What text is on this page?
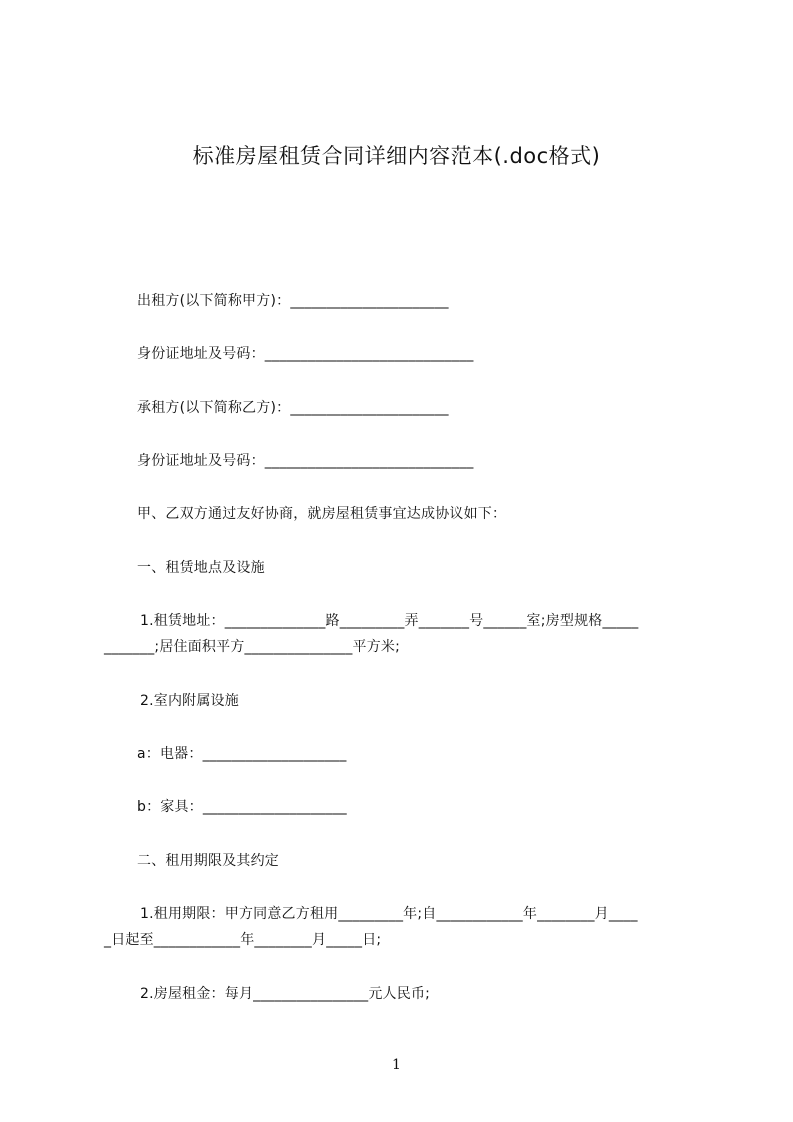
标准房屋租赁合同详细内容范本(.doc格式)
出租方(以下简称甲方)：______________________
身份证地址及号码：_____________________________
承租方(以下简称乙方)：______________________
身份证地址及号码：_____________________________
甲、乙双方通过友好协商，就房屋租赁事宜达成协议如下：
一、租赁地点及设施
1.租赁地址：______________路_________弄_______号______室;房型规格_____
_______;居住面积平方_______________平方米;
2.室内附属设施
a：电器：____________________
b：家具：____________________
二、租用期限及其约定
1.租用期限：甲方同意乙方租用_________年;自____________年________月____
_日起至____________年________月_____日;
2.房屋租金：每月________________元人民币;
1
